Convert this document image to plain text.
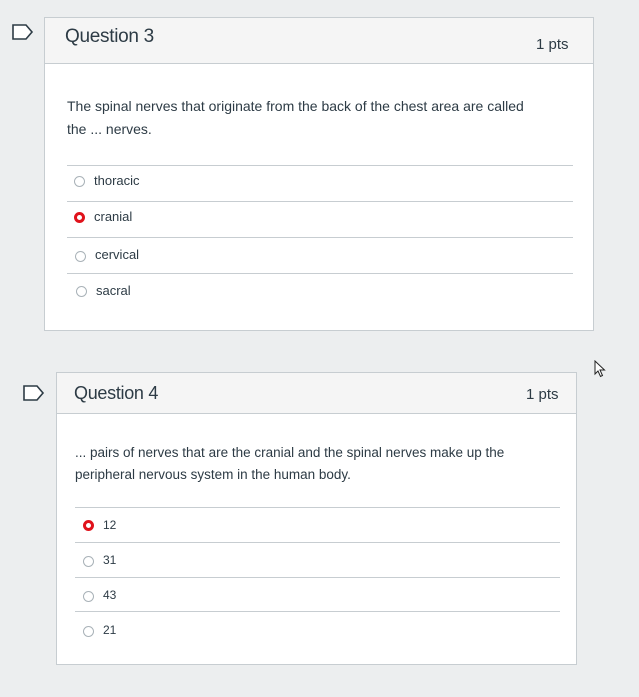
Question 3	1 pts
The spinal nerves that originate from the back of the chest area are called
the ... nerves.
thoracic
cranial
cervical
sacral
Question 4	1 pts
... pairs of nerves that are the cranial and the spinal nerves make up the
peripheral nervous system in the human body.
12
31
43
21
